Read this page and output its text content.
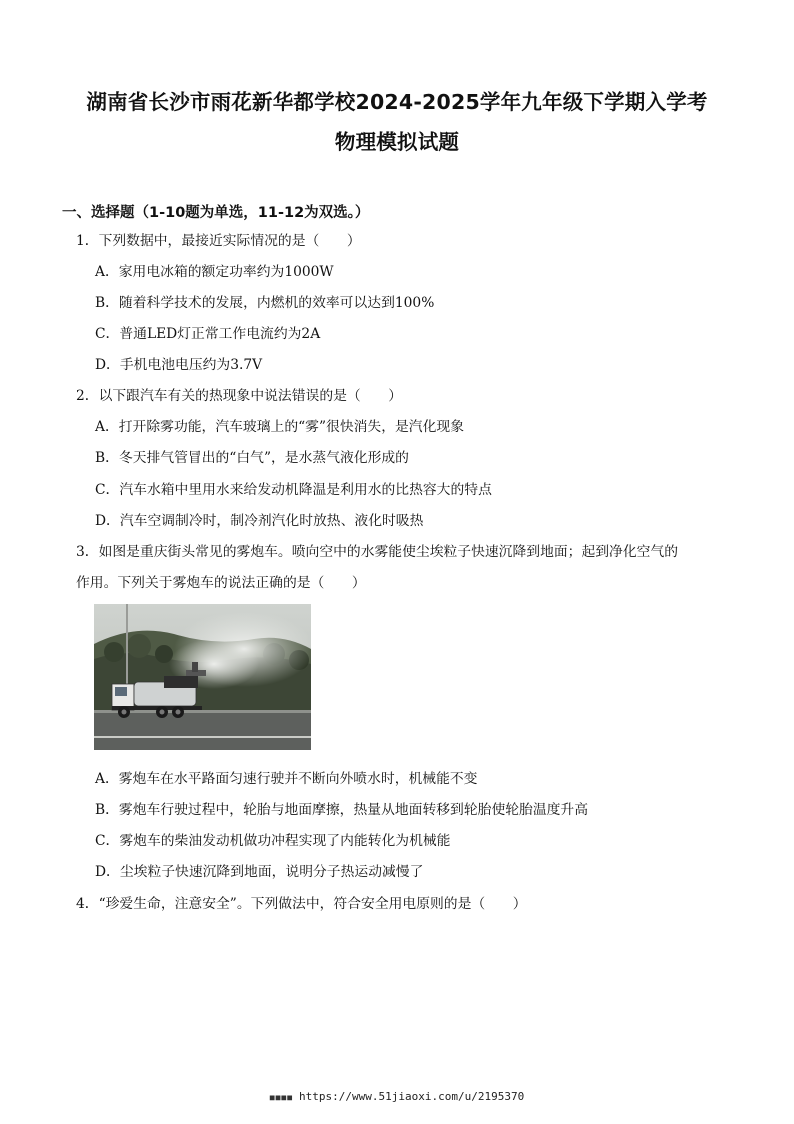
湖南省长沙市雨花新华都学校2024-2025学年九年级下学期入学考
物理模拟试题
一、选择题（1-10题为单选，11-12为双选。）
1．下列数据中，最接近实际情况的是（　　）
A．家用电冰箱的额定功率约为1000W
B．随着科学技术的发展，内燃机的效率可以达到100%
C．普通LED灯正常工作电流约为2A
D．手机电池电压约为3.7V
2．以下跟汽车有关的热现象中说法错误的是（　　）
A．打开除雾功能，汽车玻璃上的“雾”很快消失，是汽化现象
B．冬天排气管冒出的“白气”，是水蒸气液化形成的
C．汽车水箱中里用水来给发动机降温是利用水的比热容大的特点
D．汽车空调制冷时，制冷剂汽化时放热、液化时吸热
3．如图是重庆街头常见的雾炮车。喷向空中的水雾能使尘埃粒子快速沉降到地面；起到净化空气的
作用。下列关于雾炮车的说法正确的是（　　）
A．雾炮车在水平路面匀速行驶并不断向外喷水时，机械能不变
B．雾炮车行驶过程中，轮胎与地面摩擦，热量从地面转移到轮胎使轮胎温度升高
C．雾炮车的柴油发动机做功冲程实现了内能转化为机械能
D．尘埃粒子快速沉降到地面，说明分子热运动减慢了
4．“珍爱生命，注意安全”。下列做法中，符合安全用电原则的是（　　）
■■■■ https://www.51jiaoxi.com/u/2195370
